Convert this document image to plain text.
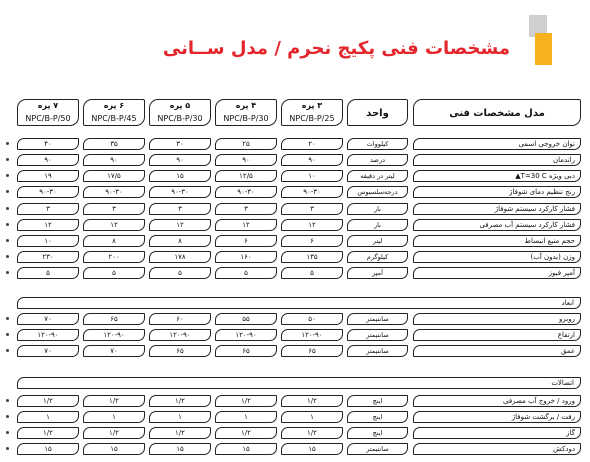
مشخصات فنی پکیج نحرم / مدل ســانی
مدل مشخصات فنی
واحد
۳ پره
NPC/B-P/25
۴ پره
NPC/B-P/30
۵ پره
NPC/B-P/30
۶ پره
NPC/B-P/45
۷ پره
NPC/B-P/50
توان خروجی اسمی
کیلووات
۲۰
۲۵
۳۰
۳۵
۴۰
راندمان
درصد
۹۰
۹۰
۹۰
۹۰
۹۰
دبی ویژه T=30 C▲
لیتر در دقیقه
۱۰
۱۲/۵
۱۵
۱۷/۵
۱۹
رنج تنظیم دمای شوفاژ
درجه‌سلسیوس
۹۰-۳۰
۹۰-۳۰
۹۰-۳۰
۹۰-۳۰
۹۰-۳۰
فشار کارکرد سیستم شوفاژ
بار
۳
۳
۳
۳
۳
فشار کارکرد سیستم آب مصرفی
بار
۱۲
۱۲
۱۲
۱۲
۱۲
حجم منبع انبساط
لیتر
۶
۶
۸
۸
۱۰
وزن (بدون آب)
کیلوگرم
۱۳۵
۱۶۰
۱۷۸
۲۰۰
۲۳۰
آمپر فیوز
آمپر
۵
۵
۵
۵
۵
ابعاد
روبرو
سانتیمتر
۵۰
۵۵
۶۰
۶۵
۷۰
ارتفاع
سانتیمتر
۱۲۰-۹۰
۱۲۰-۹۰
۱۲۰-۹۰
۱۲۰-۹۰
۱۲۰-۹۰
عمق
سانتیمتر
۶۵
۶۵
۶۵
۷۰
۷۰
اتصالات
ورود / خروج آب مصرفی
اینچ
۱/۲
۱/۲
۱/۲
۱/۲
۱/۲
رفت / برگشت شوفاژ
اینچ
۱
۱
۱
۱
۱
گاز
اینچ
۱/۲
۱/۲
۱/۲
۱/۲
۱/۲
دودکش
سانتیمتر
۱۵
۱۵
۱۵
۱۵
۱۵
